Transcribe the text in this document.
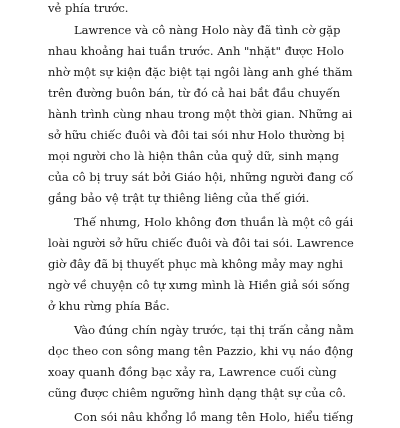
vẻ phía trước.
Lawrence và cô nàng Holo này đã tình cờ gặp
nhau khoảng hai tuần trước. Anh "nhặt" được Holo
nhờ một sự kiện đặc biệt tại ngôi làng anh ghé thăm
trên đường buôn bán, từ đó cả hai bắt đầu chuyến
hành trình cùng nhau trong một thời gian. Những ai
sở hữu chiếc đuôi và đôi tai sói như Holo thường bị
mọi người cho là hiện thân của quỷ dữ, sinh mạng
của cô bị truy sát bởi Giáo hội, những người đang cố
gắng bảo vệ trật tự thiêng liêng của thế giới.
Thế nhưng, Holo không đơn thuần là một cô gái
loài người sở hữu chiếc đuôi và đôi tai sói. Lawrence
giờ đây đã bị thuyết phục mà không mảy may nghi
ngờ về chuyện cô tự xưng mình là Hiền giả sói sống
ở khu rừng phía Bắc.
Vào đúng chín ngày trước, tại thị trấn cảng nằm
dọc theo con sông mang tên Pazzio, khi vụ náo động
xoay quanh đồng bạc xảy ra, Lawrence cuối cùng
cũng được chiêm ngưỡng hình dạng thật sự của cô.
Con sói nâu khổng lồ mang tên Holo, hiểu tiếng
